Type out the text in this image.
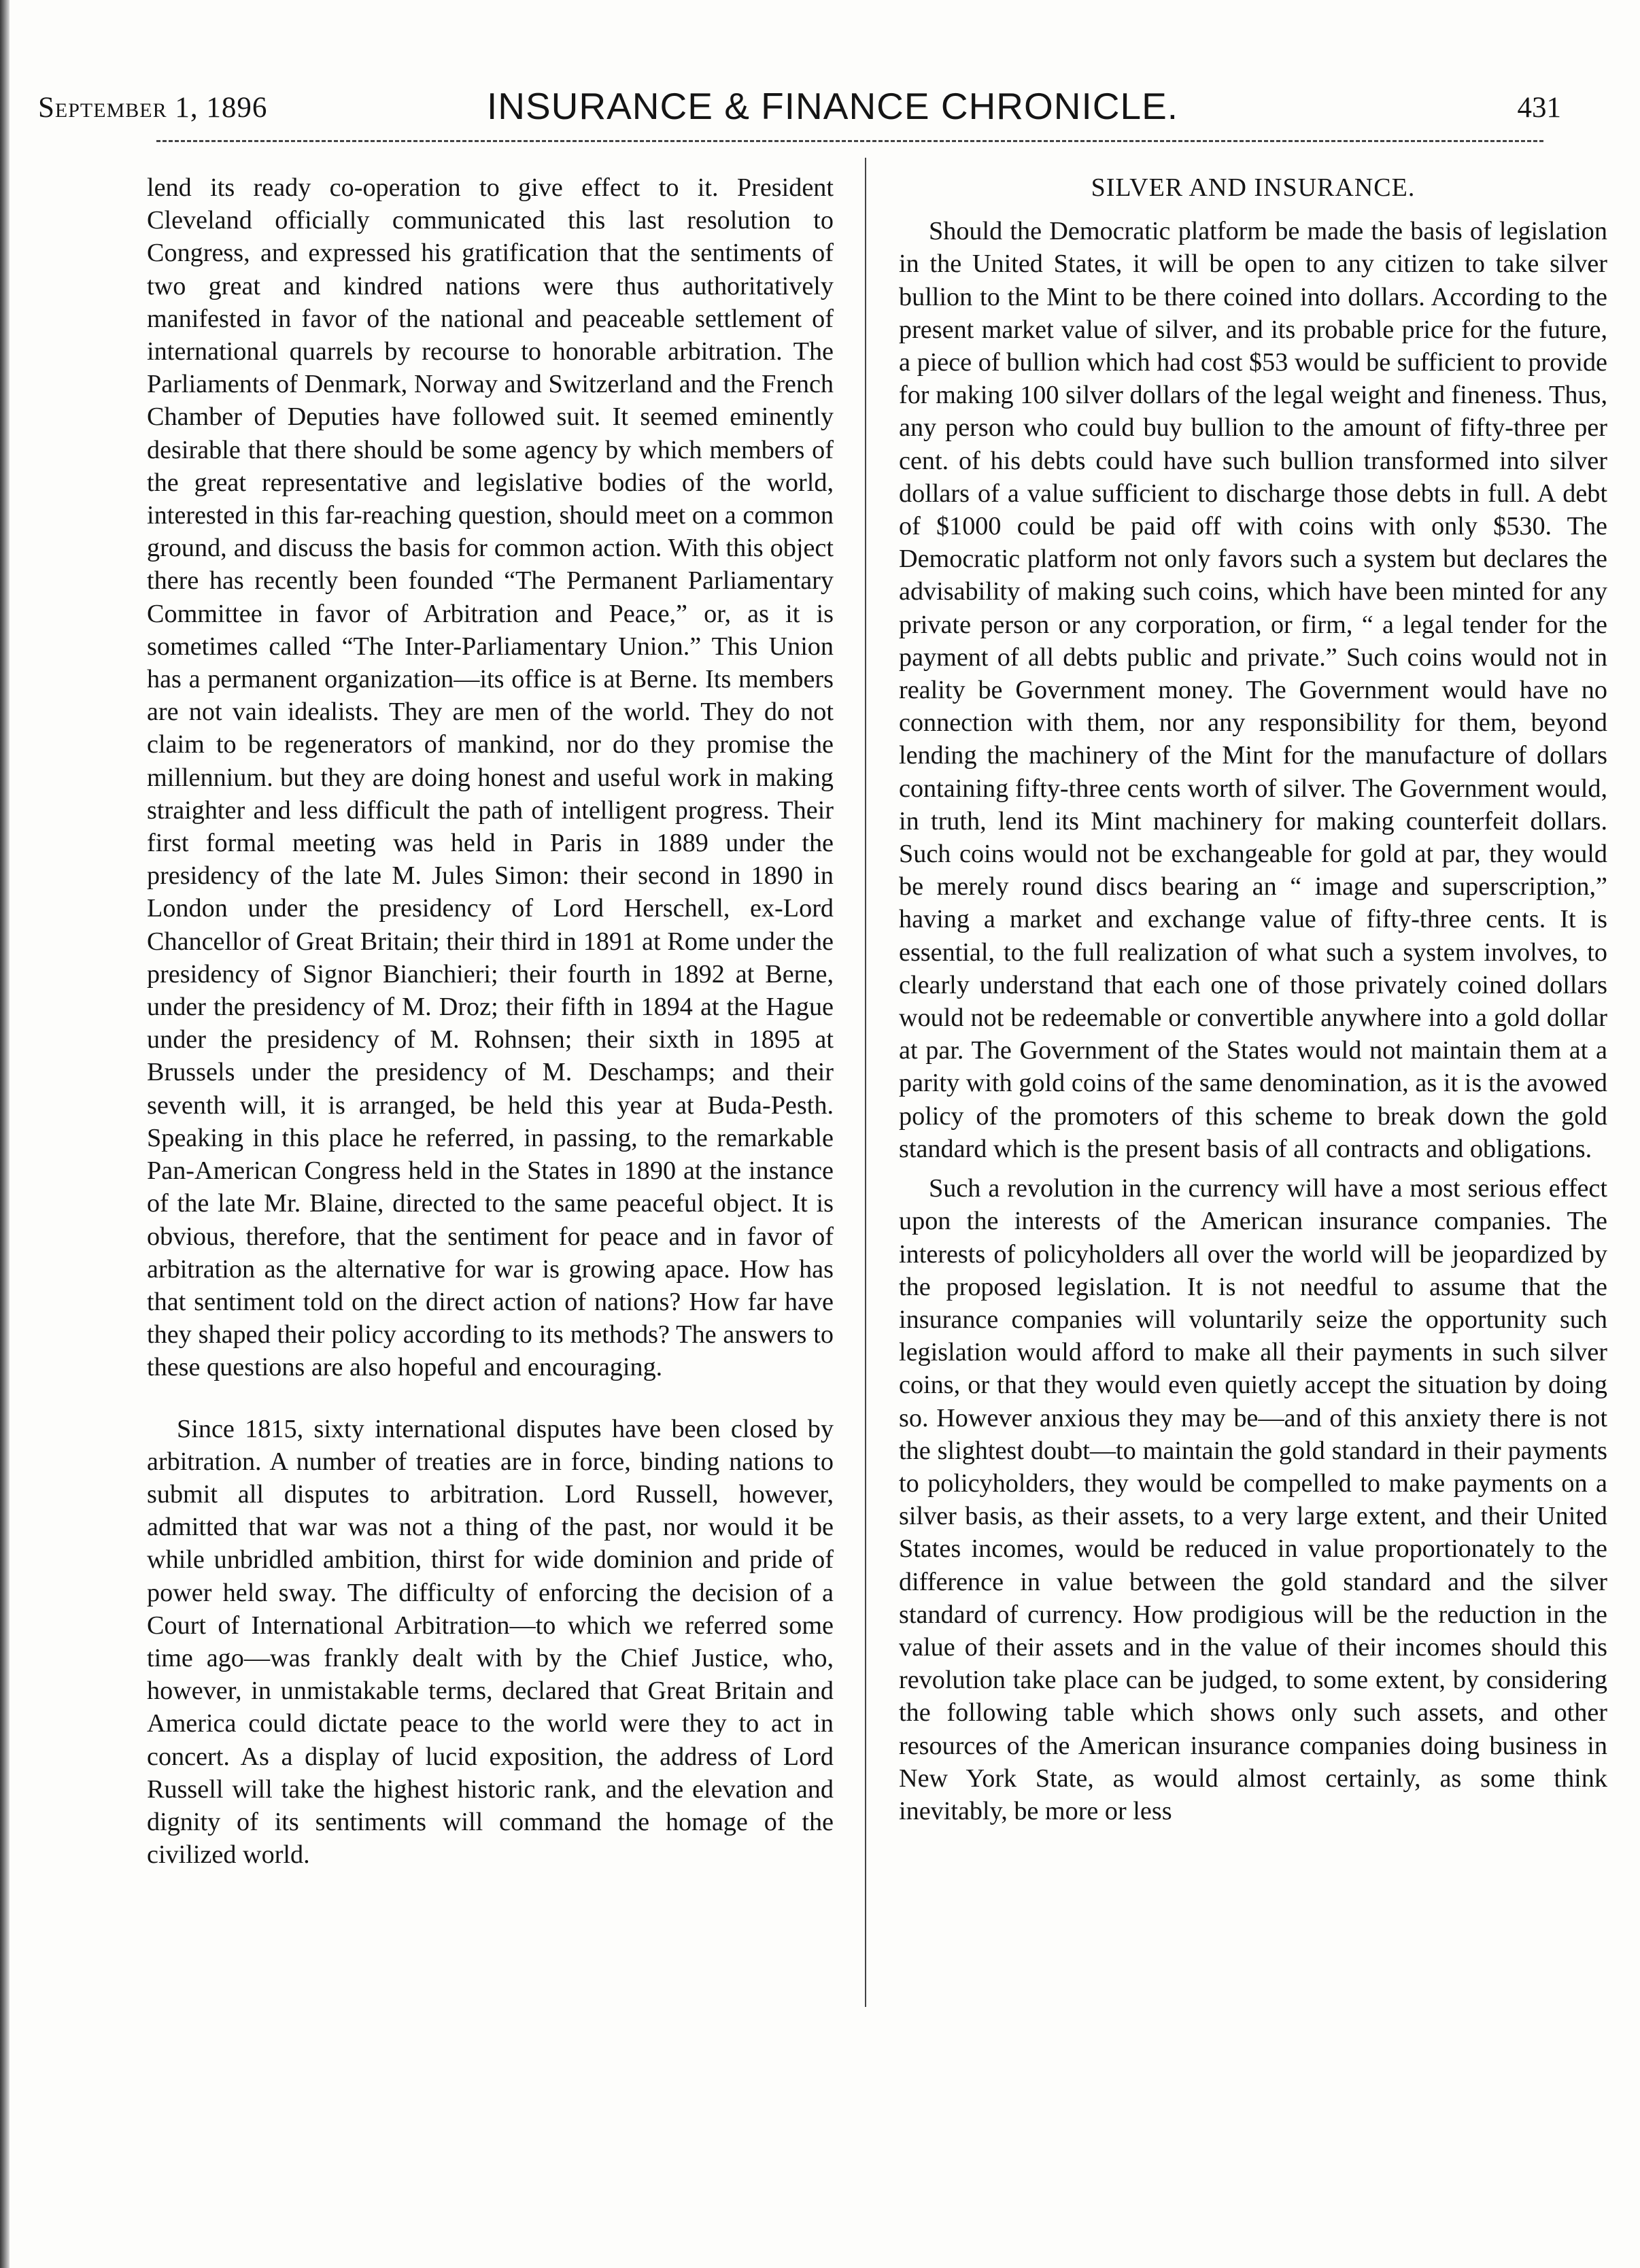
September 1, 1896	INSURANCE & FINANCE CHRONICLE.	431

lend its ready co-operation to give effect to it. President Cleveland officially communicated this last resolution to Congress, and expressed his gratification that the sentiments of two great and kindred nations were thus authoritatively manifested in favor of the national and peaceable settlement of international quarrels by recourse to honorable arbitration. The Parliaments of Denmark, Norway and Switzerland and the French Chamber of Deputies have followed suit. It seemed eminently desirable that there should be some agency by which members of the great representative and legislative bodies of the world, interested in this far-reaching question, should meet on a common ground, and discuss the basis for common action. With this object there has recently been founded “The Permanent Parliamentary Committee in favor of Arbitration and Peace,” or, as it is sometimes called “The Inter-Parliamentary Union.” This Union has a permanent organization—its office is at Berne. Its members are not vain idealists. They are men of the world. They do not claim to be regenerators of mankind, nor do they promise the millennium. but they are doing honest and useful work in making straighter and less difficult the path of intelligent progress. Their first formal meeting was held in Paris in 1889 under the presidency of the late M. Jules Simon: their second in 1890 in London under the presidency of Lord Herschell, ex-Lord Chancellor of Great Britain; their third in 1891 at Rome under the presidency of Signor Bianchieri; their fourth in 1892 at Berne, under the presidency of M. Droz; their fifth in 1894 at the Hague under the presidency of M. Rohnsen; their sixth in 1895 at Brussels under the presidency of M. Deschamps; and their seventh will, it is arranged, be held this year at Buda-Pesth. Speaking in this place he referred, in passing, to the remarkable Pan-American Congress held in the States in 1890 at the instance of the late Mr. Blaine, directed to the same peaceful object. It is obvious, therefore, that the sentiment for peace and in favor of arbitration as the alternative for war is growing apace. How has that sentiment told on the direct action of nations? How far have they shaped their policy according to its methods? The answers to these questions are also hopeful and encouraging.

Since 1815, sixty international disputes have been closed by arbitration. A number of treaties are in force, binding nations to submit all disputes to arbitration. Lord Russell, however, admitted that war was not a thing of the past, nor would it be while unbridled ambition, thirst for wide dominion and pride of power held sway. The difficulty of enforcing the decision of a Court of International Arbitration—to which we referred some time ago—was frankly dealt with by the Chief Justice, who, however, in unmistakable terms, declared that Great Britain and America could dictate peace to the world were they to act in concert. As a display of lucid exposition, the address of Lord Russell will take the highest historic rank, and the elevation and dignity of its sentiments will command the homage of the civilized world.

SILVER AND INSURANCE.

Should the Democratic platform be made the basis of legislation in the United States, it will be open to any citizen to take silver bullion to the Mint to be there coined into dollars. According to the present market value of silver, and its probable price for the future, a piece of bullion which had cost $53 would be sufficient to provide for making 100 silver dollars of the legal weight and fineness. Thus, any person who could buy bullion to the amount of fifty-three per cent. of his debts could have such bullion transformed into silver dollars of a value sufficient to discharge those debts in full. A debt of $1000 could be paid off with coins with only $530. The Democratic platform not only favors such a system but declares the advisability of making such coins, which have been minted for any private person or any corporation, or firm, “ a legal tender for the payment of all debts public and private.” Such coins would not in reality be Government money. The Government would have no connection with them, nor any responsibility for them, beyond lending the machinery of the Mint for the manufacture of dollars containing fifty-three cents worth of silver. The Government would, in truth, lend its Mint machinery for making counterfeit dollars. Such coins would not be exchangeable for gold at par, they would be merely round discs bearing an “ image and superscription,” having a market and exchange value of fifty-three cents. It is essential, to the full realization of what such a system involves, to clearly understand that each one of those privately coined dollars would not be redeemable or convertible anywhere into a gold dollar at par. The Government of the States would not maintain them at a parity with gold coins of the same denomination, as it is the avowed policy of the promoters of this scheme to break down the gold standard which is the present basis of all contracts and obligations.

Such a revolution in the currency will have a most serious effect upon the interests of the American insurance companies. The interests of policyholders all over the world will be jeopardized by the proposed legislation. It is not needful to assume that the insurance companies will voluntarily seize the opportunity such legislation would afford to make all their payments in such silver coins, or that they would even quietly accept the situation by doing so. However anxious they may be—and of this anxiety there is not the slightest doubt—to maintain the gold standard in their payments to policyholders, they would be compelled to make payments on a silver basis, as their assets, to a very large extent, and their United States incomes, would be reduced in value proportionately to the difference in value between the gold standard and the silver standard of currency. How prodigious will be the reduction in the value of their assets and in the value of their incomes should this revolution take place can be judged, to some extent, by considering the following table which shows only such assets, and other resources of the American insurance companies doing business in New York State, as would almost certainly, as some think inevitably, be more or less
